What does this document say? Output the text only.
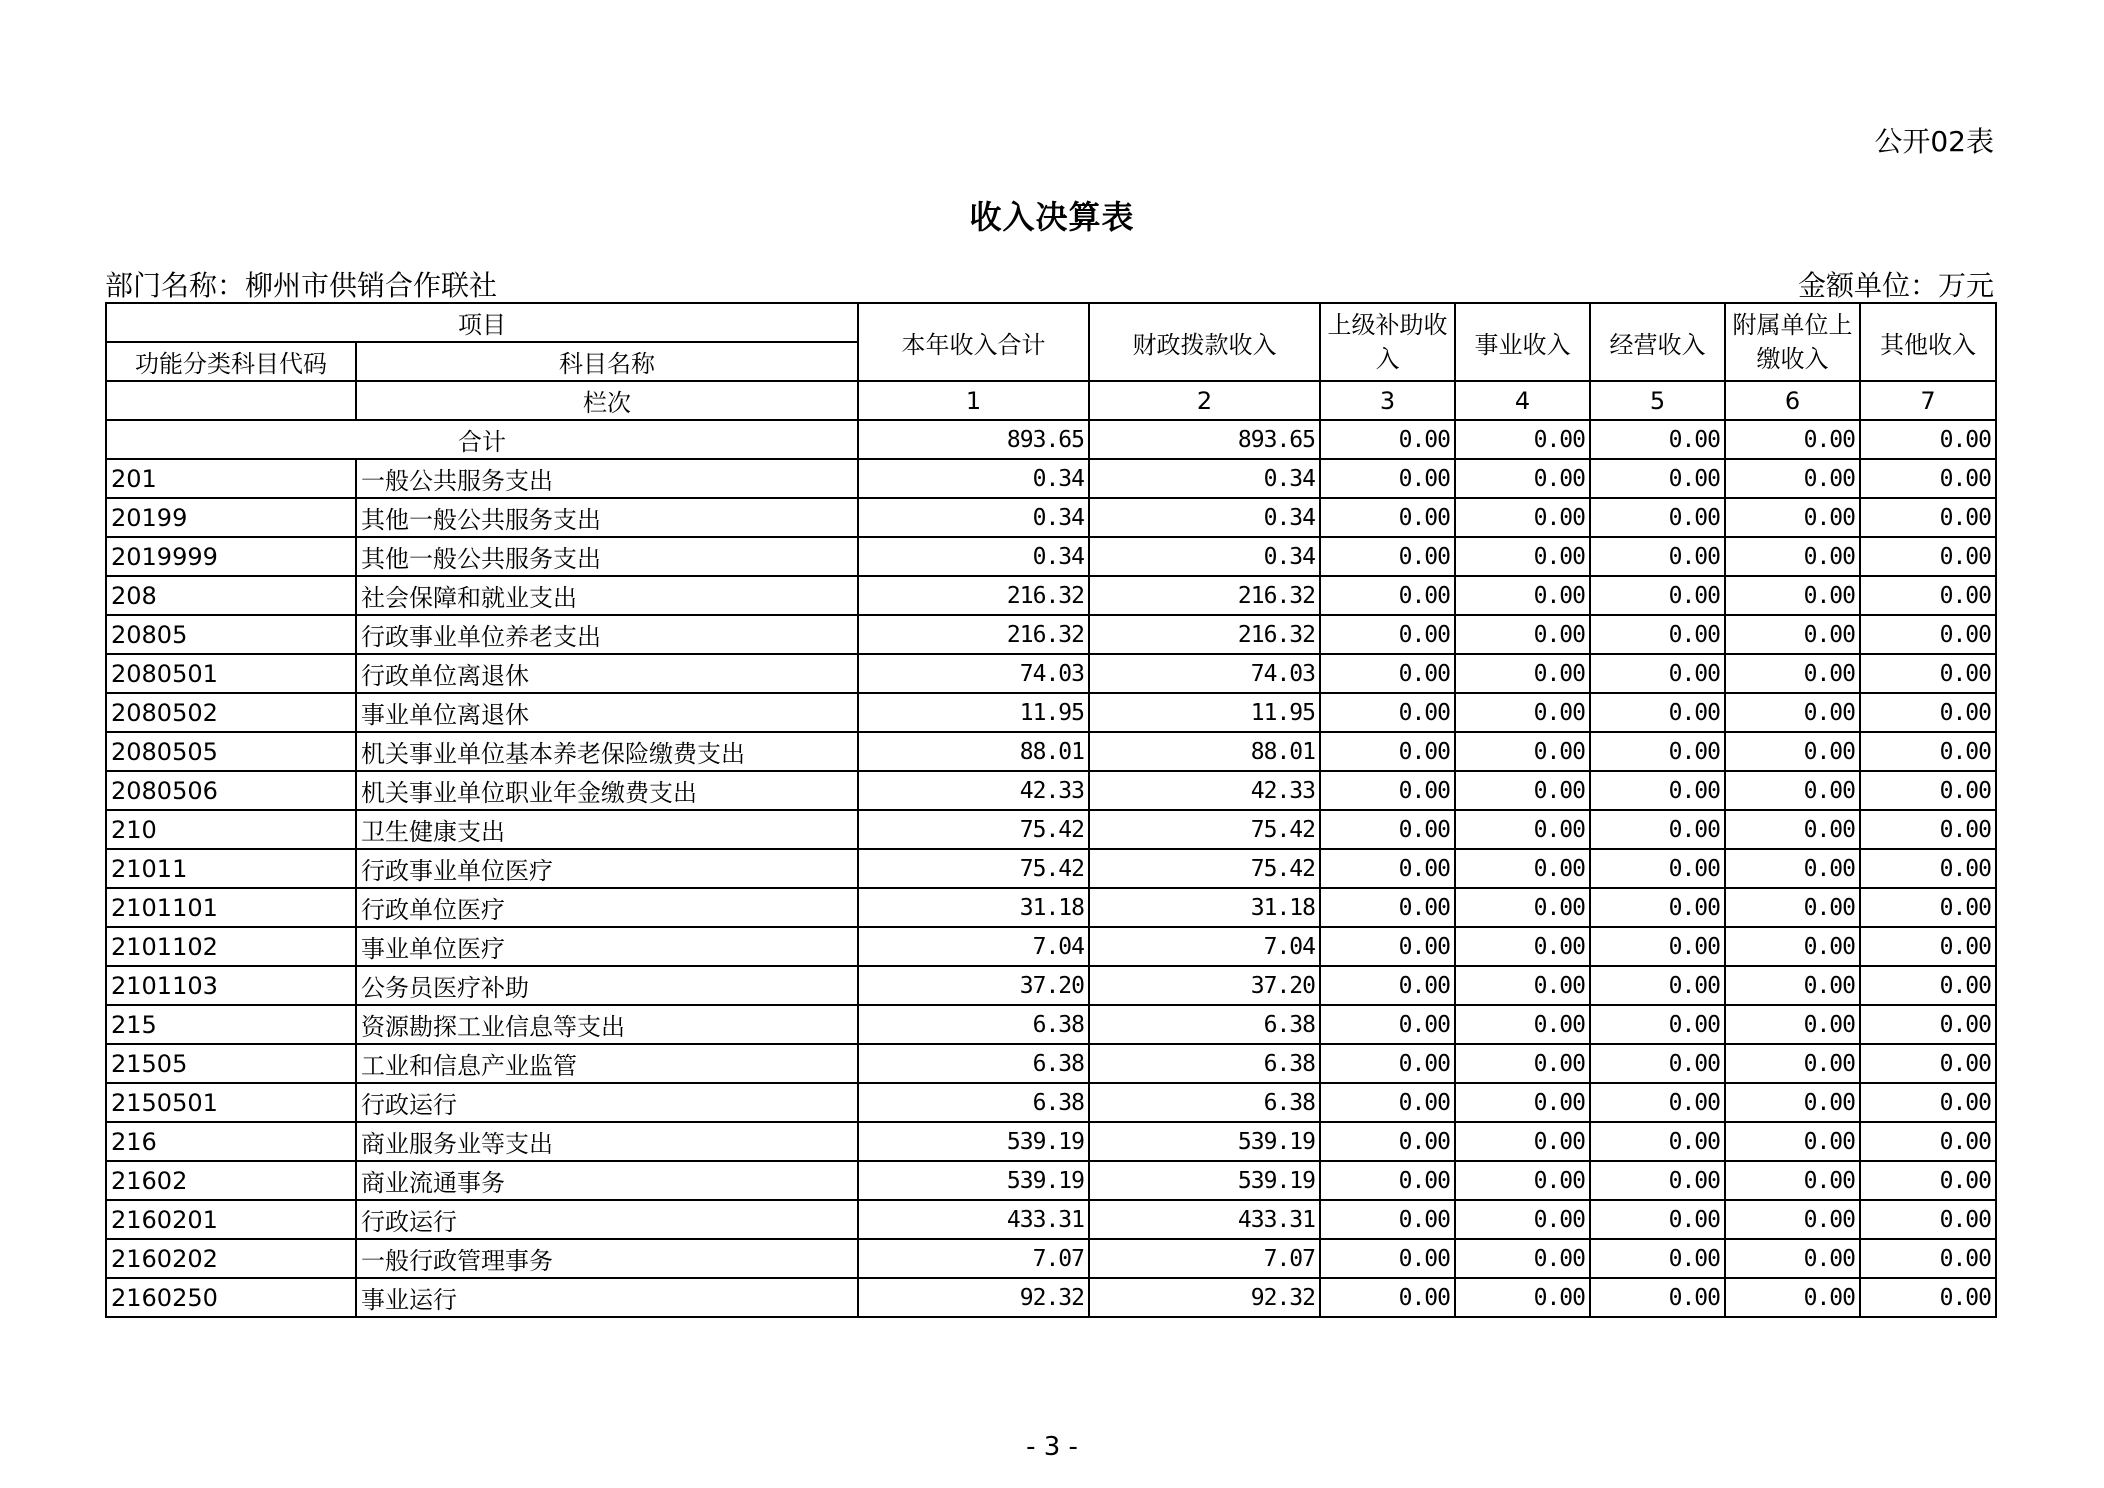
公开02表
收入决算表
部门名称：柳州市供销合作联社	金额单位：万元
项目		本年收入合计	财政拨款收入	上级补助收入	事业收入	经营收入	附属单位上缴收入	其他收入
功能分类科目代码	科目名称							
	栏次	1	2	3	4	5	6	7
合计		893.65	893.65	0.00	0.00	0.00	0.00	0.00
201	一般公共服务支出	0.34	0.34	0.00	0.00	0.00	0.00	0.00
20199	其他一般公共服务支出	0.34	0.34	0.00	0.00	0.00	0.00	0.00
2019999	其他一般公共服务支出	0.34	0.34	0.00	0.00	0.00	0.00	0.00
208	社会保障和就业支出	216.32	216.32	0.00	0.00	0.00	0.00	0.00
20805	行政事业单位养老支出	216.32	216.32	0.00	0.00	0.00	0.00	0.00
2080501	行政单位离退休	74.03	74.03	0.00	0.00	0.00	0.00	0.00
2080502	事业单位离退休	11.95	11.95	0.00	0.00	0.00	0.00	0.00
2080505	机关事业单位基本养老保险缴费支出	88.01	88.01	0.00	0.00	0.00	0.00	0.00
2080506	机关事业单位职业年金缴费支出	42.33	42.33	0.00	0.00	0.00	0.00	0.00
210	卫生健康支出	75.42	75.42	0.00	0.00	0.00	0.00	0.00
21011	行政事业单位医疗	75.42	75.42	0.00	0.00	0.00	0.00	0.00
2101101	行政单位医疗	31.18	31.18	0.00	0.00	0.00	0.00	0.00
2101102	事业单位医疗	7.04	7.04	0.00	0.00	0.00	0.00	0.00
2101103	公务员医疗补助	37.20	37.20	0.00	0.00	0.00	0.00	0.00
215	资源勘探工业信息等支出	6.38	6.38	0.00	0.00	0.00	0.00	0.00
21505	工业和信息产业监管	6.38	6.38	0.00	0.00	0.00	0.00	0.00
2150501	行政运行	6.38	6.38	0.00	0.00	0.00	0.00	0.00
216	商业服务业等支出	539.19	539.19	0.00	0.00	0.00	0.00	0.00
21602	商业流通事务	539.19	539.19	0.00	0.00	0.00	0.00	0.00
2160201	行政运行	433.31	433.31	0.00	0.00	0.00	0.00	0.00
2160202	一般行政管理事务	7.07	7.07	0.00	0.00	0.00	0.00	0.00
2160250	事业运行	92.32	92.32	0.00	0.00	0.00	0.00	0.00
- 3 -
